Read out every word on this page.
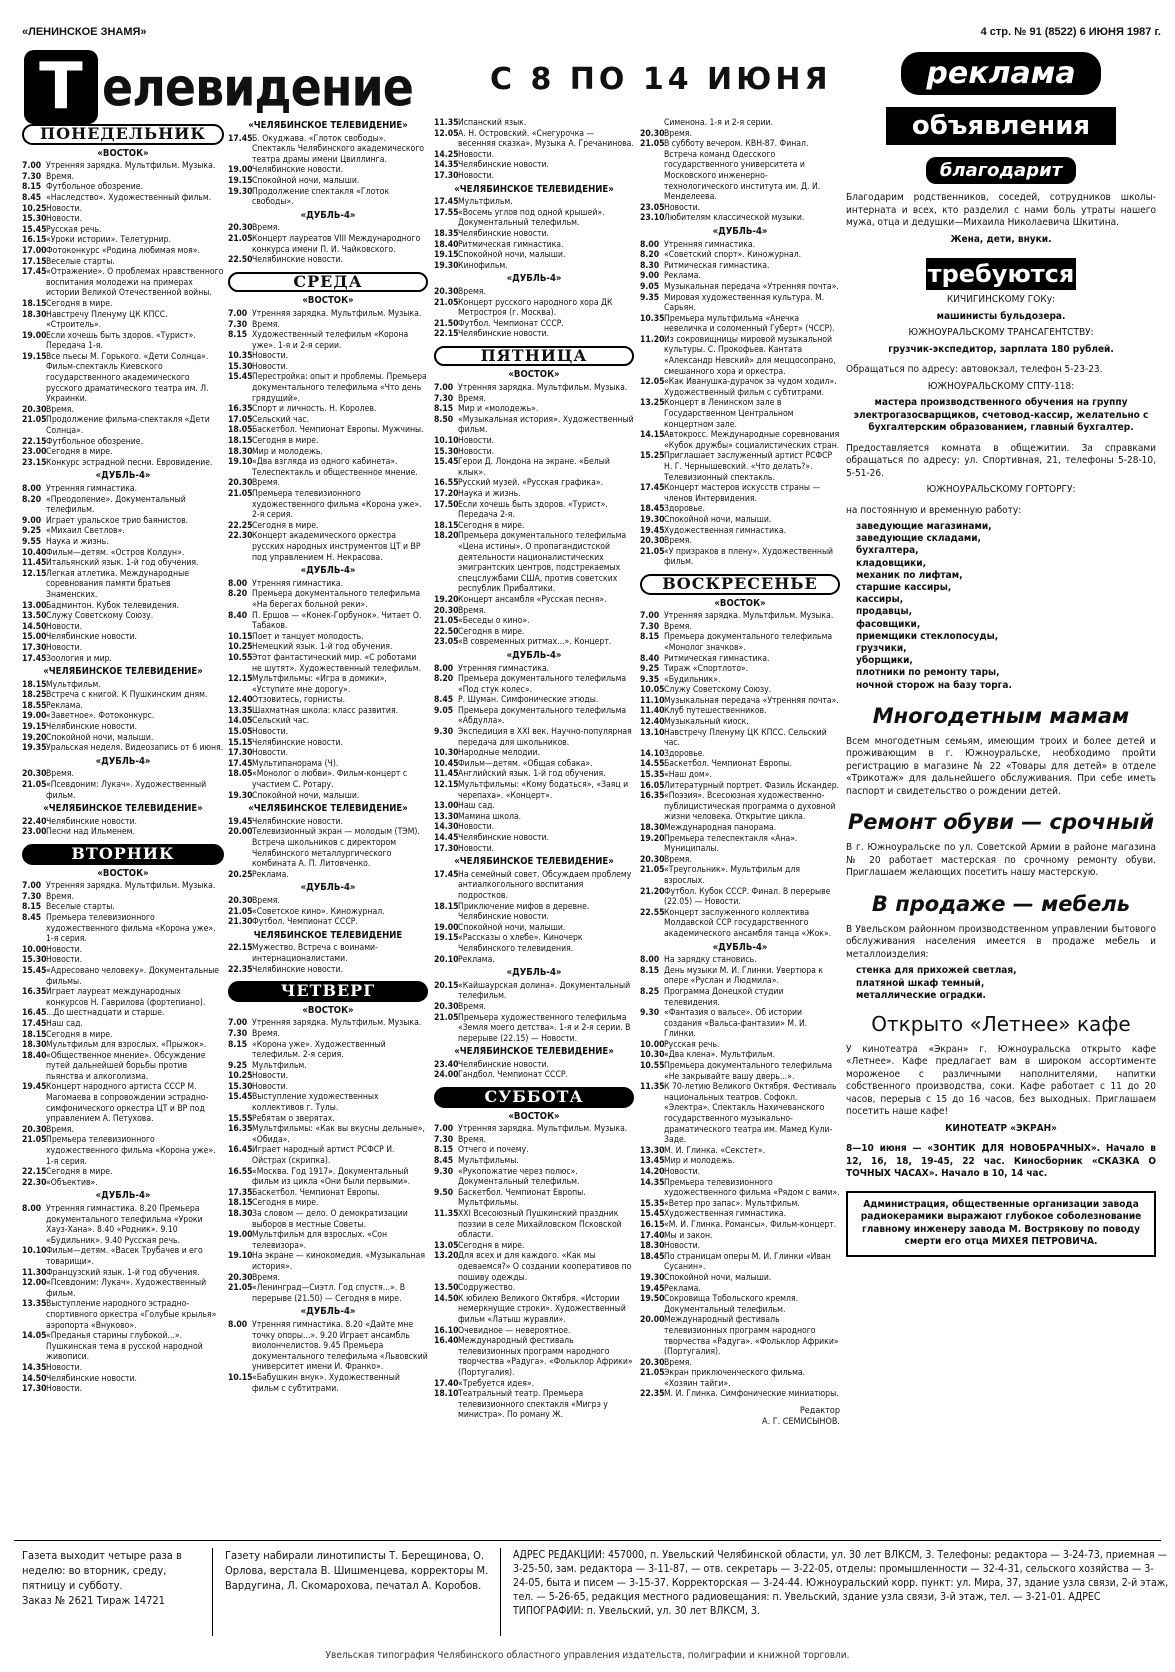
«ЛЕНИНСКОЕ ЗНАМЯ»	4 стр. № 91 (8522) 6 ИЮНЯ 1987 г.
Т елевидение	С 8 ПО 14 ИЮНЯ
ПОНЕДЕЛЬНИК
«ВОСТОК»
7.00 Утренняя зарядка. Мультфильм. Музыка.
7.30 Время.
8.15 Футбольное обозрение.
8.45 «Наследство». Художественный фильм.
10.25 Новости.
15.30 Новости.
15.45 Русская речь.
16.15 «Уроки истории». Телетурнир.
17.00 Фотоконкурс «Родина любимая моя».
17.15 Веселые старты.
17.45 «Отражение». О проблемах нравственного воспитания молодежи на примерах истории Великой Отечественной войны.
18.15 Сегодня в мире.
18.30 Навстречу Пленуму ЦК КПСС. «Строитель».
19.00 Если хочешь быть здоров. «Турист». Передача 1-я.
19.15 Все пьесы М. Горького. «Дети Солнца». Фильм-спектакль Киевского государственного академического русского драматического театра им. Л. Украинки.
20.30 Время.
21.05 Продолжение фильма-спектакля «Дети Солнца».
22.15 Футбольное обозрение.
23.00 Сегодня в мире.
23.15 Конкурс эстрадной песни. Евровидение.
«ДУБЛЬ-4»
8.00 Утренняя гимнастика.
8.20 «Преодоление». Документальный телефильм.
9.00 Играет уральское трио баянистов.
9.25 «Михаил Светлов».
9.55 Наука и жизнь.
10.40 Фильм—детям. «Остров Колдун».
11.45 Итальянский язык. 1-й год обучения.
12.15 Легкая атлетика. Международные соревнования памяти братьев Знаменских.
13.00 Бадминтон. Кубок телевидения.
13.50 Служу Советскому Союзу.
14.50 Новости.
15.00 Челябинские новости.
17.30 Новости.
17.45 Зоология и мир.
«ЧЕЛЯБИНСКОЕ ТЕЛЕВИДЕНИЕ»
18.15 Мультфильм.
18.25 Встреча с книгой. К Пушкинским дням.
18.55 Реклама.
19.00 «Заветное». Фотоконкурс.
19.15 Челябинские новости.
19.20 Спокойной ночи, малыши.
19.35 Уральская неделя. Видеозапись от 6 июня.
«ДУБЛЬ-4»
20.30 Время.
21.05 «Псевдоним: Лукач». Художественный фильм.
«ЧЕЛЯБИНСКОЕ ТЕЛЕВИДЕНИЕ»
22.40 Челябинские новости.
23.00 Песни над Ильменем.
ВТОРНИК
«ВОСТОК»
7.00 Утренняя зарядка. Мультфильм. Музыка.
7.30 Время.
8.15 Веселые старты.
8.45 Премьера телевизионного художественного фильма «Корона уже». 1-я серия.
10.00 Новости.
15.30 Новости.
15.45 «Адресовано человеку». Документальные фильмы.
16.35 Играет лауреат международных конкурсов Н. Гаврилова (фортепиано).
16.45 ...До шестнадцати и старше.
17.45 Наш сад.
18.15 Сегодня в мире.
18.30 Мультфильм для взрослых. «Прыжок».
18.40 «Общественное мнение». Обсуждение путей дальнейшей борьбы против пьянства и алкоголизма.
19.45 Концерт народного артиста СССР М. Магомаева в сопровождении эстрадно-симфонического оркестра ЦТ и ВР под управлением А. Петухова.
20.30 Время.
21.05 Премьера телевизионного художественного фильма «Корона уже». 1-я серия.
22.15 Сегодня в мире.
22.30 «Объектив».
«ДУБЛЬ-4»
8.00 Утренняя гимнастика. 8.20 Премьера документального телефильма «Уроки Хауз-Хана». 8.40 «Родник». 9.10 «Будильник». 9.40 Русская речь.
10.10 Фильм—детям. «Васек Трубачев и его товарищи».
11.30 Французский язык. 1-й год обучения.
12.00 «Псевдоним: Лукач». Художественный фильм.
13.35 Выступление народного эстрадно-спортивного оркестра «Голубые крылья» аэропорта «Внуково».
14.05 «Преданья старины глубокой...». Пушкинская тема в русской народной живописи.
14.35 Новости.
14.50 Челябинские новости.
17.30 Новости.
«ЧЕЛЯБИНСКОЕ ТЕЛЕВИДЕНИЕ»
17.45 Б. Окуджава. «Глоток свободы». Спектакль Челябинского академического театра драмы имени Цвиллинга.
19.00 Челябинские новости.
19.15 Спокойной ночи, малыши.
19.30 Продолжение спектакля «Глоток свободы».
«ДУБЛЬ-4»
20.30 Время.
21.05 Концерт лауреатов VIII Международного конкурса имени П. И. Чайковского.
22.50 Челябинские новости.
СРЕДА
«ВОСТОК»
7.00 Утренняя зарядка. Мультфильм. Музыка.
7.30 Время.
8.15 Художественный телефильм «Корона уже». 1-я и 2-я серии.
10.35 Новости.
15.30 Новости.
15.45 Перестройка: опыт и проблемы. Премьера документального телефильма «Что день грядущий».
16.35 Спорт и личность. Н. Королев.
17.05 Сельский час.
18.05 Баскетбол. Чемпионат Европы. Мужчины.
18.15 Сегодня в мире.
18.30 Мир и молодежь.
19.10 «Два взгляда из одного кабинета». Телеспектакль и общественное мнение.
20.30 Время.
21.05 Премьера телевизионного художественного фильма «Корона уже». 2-я серия.
22.25 Сегодня в мире.
22.30 Концерт академического оркестра русских народных инструментов ЦТ и ВР под управлением Н. Некрасова.
«ДУБЛЬ-4»
8.00 Утренняя гимнастика.
8.20 Премьера документального телефильма «На берегах больной реки».
8.40 П. Ершов — «Конек-Горбунок». Читает О. Табаков.
10.15 Поет и танцует молодость.
10.25 Немецкий язык. 1-й год обучения.
10.55 Этот фантастический мир. «С роботами не шутят». Художественный телефильм.
12.15 Мультфильмы: «Игра в домики», «Уступите мне дорогу».
12.40 Отзовитесь, горнисты.
13.35 Шахматная школа: класс развития.
14.05 Сельский час.
15.05 Новости.
15.15 Челябинские новости.
17.30 Новости.
17.45 Мультипанорама (Ч).
18.05 «Монолог о любви». Фильм-концерт с участием С. Ротару.
19.30 Спокойной ночи, малыши.
«ЧЕЛЯБИНСКОЕ ТЕЛЕВИДЕНИЕ»
19.45 Челябинские новости.
20.00 Телевизионный экран — молодым (ТЭМ). Встреча школьников с директором Челябинского металлургического комбината А. П. Литовченко.
20.25 Реклама.
«ДУБЛЬ-4»
20.30 Время.
21.05 «Советское кино». Киножурнал.
21.30 Футбол. Чемпионат СССР.
ЧЕЛЯБИНСКОЕ ТЕЛЕВИДЕНИЕ
22.15 Мужество. Встреча с воинами-интернационалистами.
22.35 Челябинские новости.
ЧЕТВЕРГ
«ВОСТОК»
7.00 Утренняя зарядка. Мультфильм. Музыка.
7.30 Время.
8.15 «Корона уже». Художественный телефильм. 2-я серия.
9.25 Мультфильм.
10.25 Новости.
15.30 Новости.
15.45 Выступление художественных коллективов г. Тулы.
15.55 Ребятам о зверятах.
16.35 Мультфильмы: «Как вы вкусны дельные», «Обида».
16.45 Играет народный артист РСФСР И. Ойстрах (скрипка).
16.55 «Москва. Год 1917». Документальный фильм из цикла «Они были первыми».
17.35 Баскетбол. Чемпионат Европы.
18.15 Сегодня в мире.
18.30 За словом — дело. О демократизации выборов в местные Советы.
19.00 Мультфильм для взрослых. «Сон телевизора».
19.10 На экране — кинокомедия. «Музыкальная история».
20.30 Время.
21.05 «Ленинград—Сиэтл. Год спустя...». В перерыве (21.50) — Сегодня в мире.
«ДУБЛЬ-4»
8.00 Утренняя гимнастика. 8.20 «Дайте мне точку опоры...». 9.20 Играет ансамбль виолончелистов. 9.45 Премьера документального телефильма «Львовский университет имени И. Франко».
10.15 «Бабушкин внук». Художественный фильм с субтитрами.
11.35 Испанский язык.
12.05 А. Н. Островский. «Снегурочка — весенняя сказка». Музыка А. Гречанинова.
14.25 Новости.
14.35 Челябинские новости.
17.30 Новости.
«ЧЕЛЯБИНСКОЕ ТЕЛЕВИДЕНИЕ»
17.45 Мультфильм.
17.55 «Восемь углов под одной крышей». Документальный телефильм.
18.35 Челябинские новости.
18.40 Ритмическая гимнастика.
19.15 Спокойной ночи, малыши.
19.30 Кинофильм.
«ДУБЛЬ-4»
20.30 Время.
21.05 Концерт русского народного хора ДК Метростроя (г. Москва).
21.50 Футбол. Чемпионат СССР.
22.15 Челябинские новости.
ПЯТНИЦА
«ВОСТОК»
7.00 Утренняя зарядка. Мультфильм. Музыка.
7.30 Время.
8.15 Мир и «молодежь».
8.50 «Музыкальная история». Художественный фильм.
10.10 Новости.
15.30 Новости.
15.45 Герои Д. Лондона на экране. «Белый клык».
16.55 Русский музей. «Русская графика».
17.20 Наука и жизнь.
17.50 Если хочешь быть здоров. «Турист». Передача 2-я.
18.15 Сегодня в мире.
18.20 Премьера документального телефильма «Цена истины». О пропагандистской деятельности националистических эмигрантских центров, подстрекаемых спецслужбами США, против советских республик Прибалтики.
19.20 Концерт ансамбля «Русская песня».
20.30 Время.
21.05 «Беседы о кино».
22.50 Сегодня в мире.
23.05 «В современных ритмах...». Концерт.
«ДУБЛЬ-4»
8.00 Утренняя гимнастика.
8.20 Премьера документального телефильма «Под стук колес».
8.45 Р. Шуман. Симфонические этюды.
9.05 Премьера документального телефильма «Абдулла».
9.30 Экспедиция в XXI век. Научно-популярная передача для школьников.
10.30 Народные мелодии.
10.45 Фильм—детям. «Общая собака».
11.45 Английский язык. 1-й год обучения.
12.15 Мультфильмы: «Кому бодаться», «Заяц и черепаха». «Концерт».
13.00 Наш сад.
13.30 Мамина школа.
14.30 Новости.
14.45 Челябинские новости.
17.30 Новости.
«ЧЕЛЯБИНСКОЕ ТЕЛЕВИДЕНИЕ»
17.45 На семейный совет. Обсуждаем проблему антиалкогольного воспитания подростков.
18.15 Приключение мифов в деревне. Челябинские новости.
19.00 Спокойной ночи, малыши.
19.15 «Рассказы о хлебе». Киночерк Челябинского телевидения.
20.10 Реклама.
«ДУБЛЬ-4»
20.15 «Кайшаурская долина». Документальный телефильм.
20.30 Время.
21.05 Премьера художественного телефильма «Земля моего детства». 1-я и 2-я серии. В перерыве (22.15) — Новости.
«ЧЕЛЯБИНСКОЕ ТЕЛЕВИДЕНИЕ»
23.40 Челябинские новости.
24.00 Гандбол. Чемпионат СССР.
СУББОТА
«ВОСТОК»
7.00 Утренняя зарядка. Мультфильм. Музыка.
7.30 Время.
8.15 Отчего и почему.
8.45 Мультфильмы.
9.30 «Рукопожатие через полюс». Документальный телефильм.
9.50 Баскетбол. Чемпионат Европы. Мультфильмы.
11.35 XXI Всесоюзный Пушкинский праздник поэзии в селе Михайловском Псковской области.
13.05 Сегодня в мире.
13.20 Для всех и для каждого. «Как мы одеваемся?» О создании кооперативов по пошиву одежды.
13.50 Содружество.
14.50 К юбилею Великого Октября. «Истории немеркнущие строки». Художественный фильм «Латыш журавли».
16.10 Очевидное — невероятное.
16.40 Международный фестиваль телевизионных программ народного творчества «Радуга». «Фольклор Африки» (Португалия).
17.40 «Требуется идея».
18.10 Театральный театр. Премьера телевизионного спектакля «Мигрэ у министра». По роману Ж.
Сименона. 1-я и 2-я серии.
20.30 Время.
21.05 В субботу вечером. КВН-87. Финал. Встреча команд Одесского государственного университета и Московского инженерно-технологического института им. Д. И. Менделеева.
23.05 Новости.
23.10 Любителям классической музыки.
«ДУБЛЬ-4»
8.00 Утренняя гимнастика.
8.20 «Советский спорт». Киножурнал.
8.30 Ритмическая гимнастика.
9.00 Реклама.
9.05 Музыкальная передача «Утренняя почта».
9.35 Мировая художественная культура. М. Сарьян.
10.35 Премьера мультфильма «Анечка невеличка и соломенный Губерт» (ЧССР).
11.20 Из сокровищницы мировой музыкальной культуры. С. Прокофьев. Кантата «Александр Невский» для меццосопрано, смешанного хора и оркестра.
12.05 «Как Иванушка-дурачок за чудом ходил». Художественный фильм с субтитрами.
13.25 Концерт в Ленинском зале в Государственном Центральном концертном зале.
14.15 Автокросс. Международные соревнования «Кубок дружбы» социалистических стран.
15.25 Приглашает заслуженный артист РСФСР Н. Г. Чернышевский. «Что делать?». Телевизионный спектакль.
17.45 Концерт мастеров искусств страны — членов Интервидения.
18.45 Здоровье.
19.30 Спокойной ночи, малыши.
19.45 Художественная гимнастика.
20.30 Время.
21.05 «У призраков в плену». Художественный фильм.
ВОСКРЕСЕНЬЕ
«ВОСТОК»
7.00 Утренняя зарядка. Мультфильм. Музыка.
7.30 Время.
8.15 Премьера документального телефильма «Монолог значков».
8.40 Ритмическая гимнастика.
9.25 Тираж «Спортлото».
9.35 «Будильник».
10.05 Служу Советскому Союзу.
11.10 Музыкальная передача «Утренняя почта».
11.40 Клуб путешественников.
12.40 Музыкальный киоск.
13.10 Навстречу Пленуму ЦК КПСС. Сельский час.
14.10 Здоровье.
14.55 Баскетбол. Чемпионат Европы.
15.35 «Наш дом».
16.05 Литературный портрет. Фазиль Искандер.
16.35 «Поэзия». Всесоюзная художественно-публицистическая программа о духовной жизни человека. Открытие цикла.
18.30 Международная панорама.
19.20 Премьера телеспектакля «Ана». Муниципалы.
20.30 Время.
21.05 «Треугольник». Мультфильм для взрослых.
21.20 Футбол. Кубок СССР. Финал. В перерыве (22.05) — Новости.
22.55 Концерт заслуженного коллектива Молдавской ССР государственного академического ансамбля танца «Жок».
«ДУБЛЬ-4»
8.00 На зарядку становись.
8.15 День музыки М. И. Глинки. Увертюра к опере «Руслан и Людмила».
8.25 Программа Донецкой студии телевидения.
9.30 «Фантазия о вальсе». Об истории создания «Вальса-фантазии» М. И. Глинки.
10.00 Русская речь.
10.30 «Два клена». Мультфильм.
10.55 Премьера документального телефильма «Не закрывайте вашу дверь...».
11.35 К 70-летию Великого Октября. Фестиваль национальных театров. Софокл. «Электра». Спектакль Нахичеванского государственного музыкально-драматического театра им. Мамед Кули-Заде.
13.30 М. И. Глинка. «Секстет».
13.45 Мир и молодежь.
14.20 Новости.
14.35 Премьера телевизионного художественного фильма «Рядом с вами».
15.35 «Ветер про запас». Мультфильм.
15.45 Художественная гимнастика.
16.15 «М. И. Глинка. Романсы». Фильм-концерт.
17.40 Мы и закон.
18.30 Новости.
18.45 По страницам оперы М. И. Глинки «Иван Сусанин».
19.30 Спокойной ночи, малыши.
19.45 Реклама.
19.50 Сокровища Тобольского кремля. Документальный телефильм.
20.00 Международный фестиваль телевизионных программ народного творчества «Радуга». «Фольклор Африки» (Португалия).
20.30 Время.
21.05 Экран приключенческого фильма. «Хозяин тайги».
22.35 М. И. Глинка. Симфонические миниатюры.
Редактор
А. Г. СЕМИСЫНОВ.
реклама
объявления
благодарит
Благодарим родственников, соседей, сотрудников школы-интерната и всех, кто разделил с нами боль утраты нашего мужа, отца и дедушки—Михаила Николаевича Шкитина.
Жена, дети, внуки.
требуются
КИЧИГИНСКОМУ ГОКу:
машинисты бульдозера.
ЮЖНОУРАЛЬСКОМУ ТРАНСАГЕНТСТВУ:
грузчик-экспедитор, зарплата 180 рублей.
Обращаться по адресу: автовокзал, телефон 5-23-23.
ЮЖНОУРАЛЬСКОМУ СПТУ-118:
мастера производственного обучения на группу электрогазосварщиков, счетовод-кассир, желательно с бухгалтерским образованием, главный бухгалтер.
Предоставляется комната в общежитии. За справками обращаться по адресу: ул. Спортивная, 21, телефоны 5-28-10, 5-51-26.
ЮЖНОУРАЛЬСКОМУ ГОРТОРГУ:
на постоянную и временную работу:
заведующие магазинами,
заведующие складами,
бухгалтера,
кладовщики,
механик по лифтам,
старшие кассиры,
кассиры,
продавцы,
фасовщики,
приемщики стеклопосуды,
грузчики,
уборщики,
плотники по ремонту тары,
ночной сторож на базу торга.
Многодетным мамам
Всем многодетным семьям, имеющим троих и более детей и проживающим в г. Южноуральске, необходимо пройти регистрацию в магазине № 22 «Товары для детей» в отделе «Трикотаж» для дальнейшего обслуживания. При себе иметь паспорт и свидетельство о рождении детей.
Ремонт обуви — срочный
В г. Южноуральске по ул. Советской Армии в районе магазина № 20 работает мастерская по срочному ремонту обуви. Приглашаем желающих посетить нашу мастерскую.
В продаже — мебель
В Увельском районном производственном управлении бытового обслуживания населения имеется в продаже мебель и металлоизделия:
стенка для прихожей светлая,
платяной шкаф темный,
металлические оградки.
Открыто «Летнее» кафе
У кинотеатра «Экран» г. Южноуральска открыто кафе «Летнее». Кафе предлагает вам в широком ассортименте мороженое с различными наполнителями, напитки собственного производства, соки. Кафе работает с 11 до 20 часов, перерыв с 15 до 16 часов, без выходных. Приглашаем посетить наше кафе!
КИНОТЕАТР «ЭКРАН»
8—10 июня — «ЗОНТИК ДЛЯ НОВОБРАЧНЫХ». Начало в 12, 16, 18, 19-45, 22 час. Киносборник «СКАЗКА О ТОЧНЫХ ЧАСАХ». Начало в 10, 14 час.
Администрация, общественные организации завода радиокерамики выражают глубокое соболезнование главному инженеру завода М. Вострякову по поводу смерти его отца МИХЕЯ ПЕТРОВИЧА.
Газета выходит четыре раза в неделю: во вторник, среду, пятницу и субботу.
Заказ № 2621 Тираж 14721
Газету набирали линотиписты Т. Берещинова, О. Орлова, верстала В. Шишменцева, корректоры М. Вардугина, Л. Скомарохова, печатал А. Коробов.
АДРЕС РЕДАКЦИИ: 457000, п. Увельский Челябинской области, ул. 30 лет ВЛКСМ, 3. Телефоны: редактора — 3-24-73, приемная — 3-25-50, зам. редактора — 3-11-87, — отв. секретарь — 3-22-05, отделы: промышленности — 32-4-31, сельского хозяйства — 3-24-05, быта и писем — 3-15-37. Корректорская — 3-24-44. Южноуральский корр. пункт: ул. Мира, 37, здание узла связи, 2-й этаж, тел. — 5-26-65, редакция местного радиовещания: п. Увельский, здание узла связи, 3-й этаж, тел. — 3-21-01. АДРЕС ТИПОГРАФИИ: п. Увельский, ул. 30 лет ВЛКСМ, 3.
Увельская типография Челябинского областного управления издательств, полиграфии и книжной торговли.
